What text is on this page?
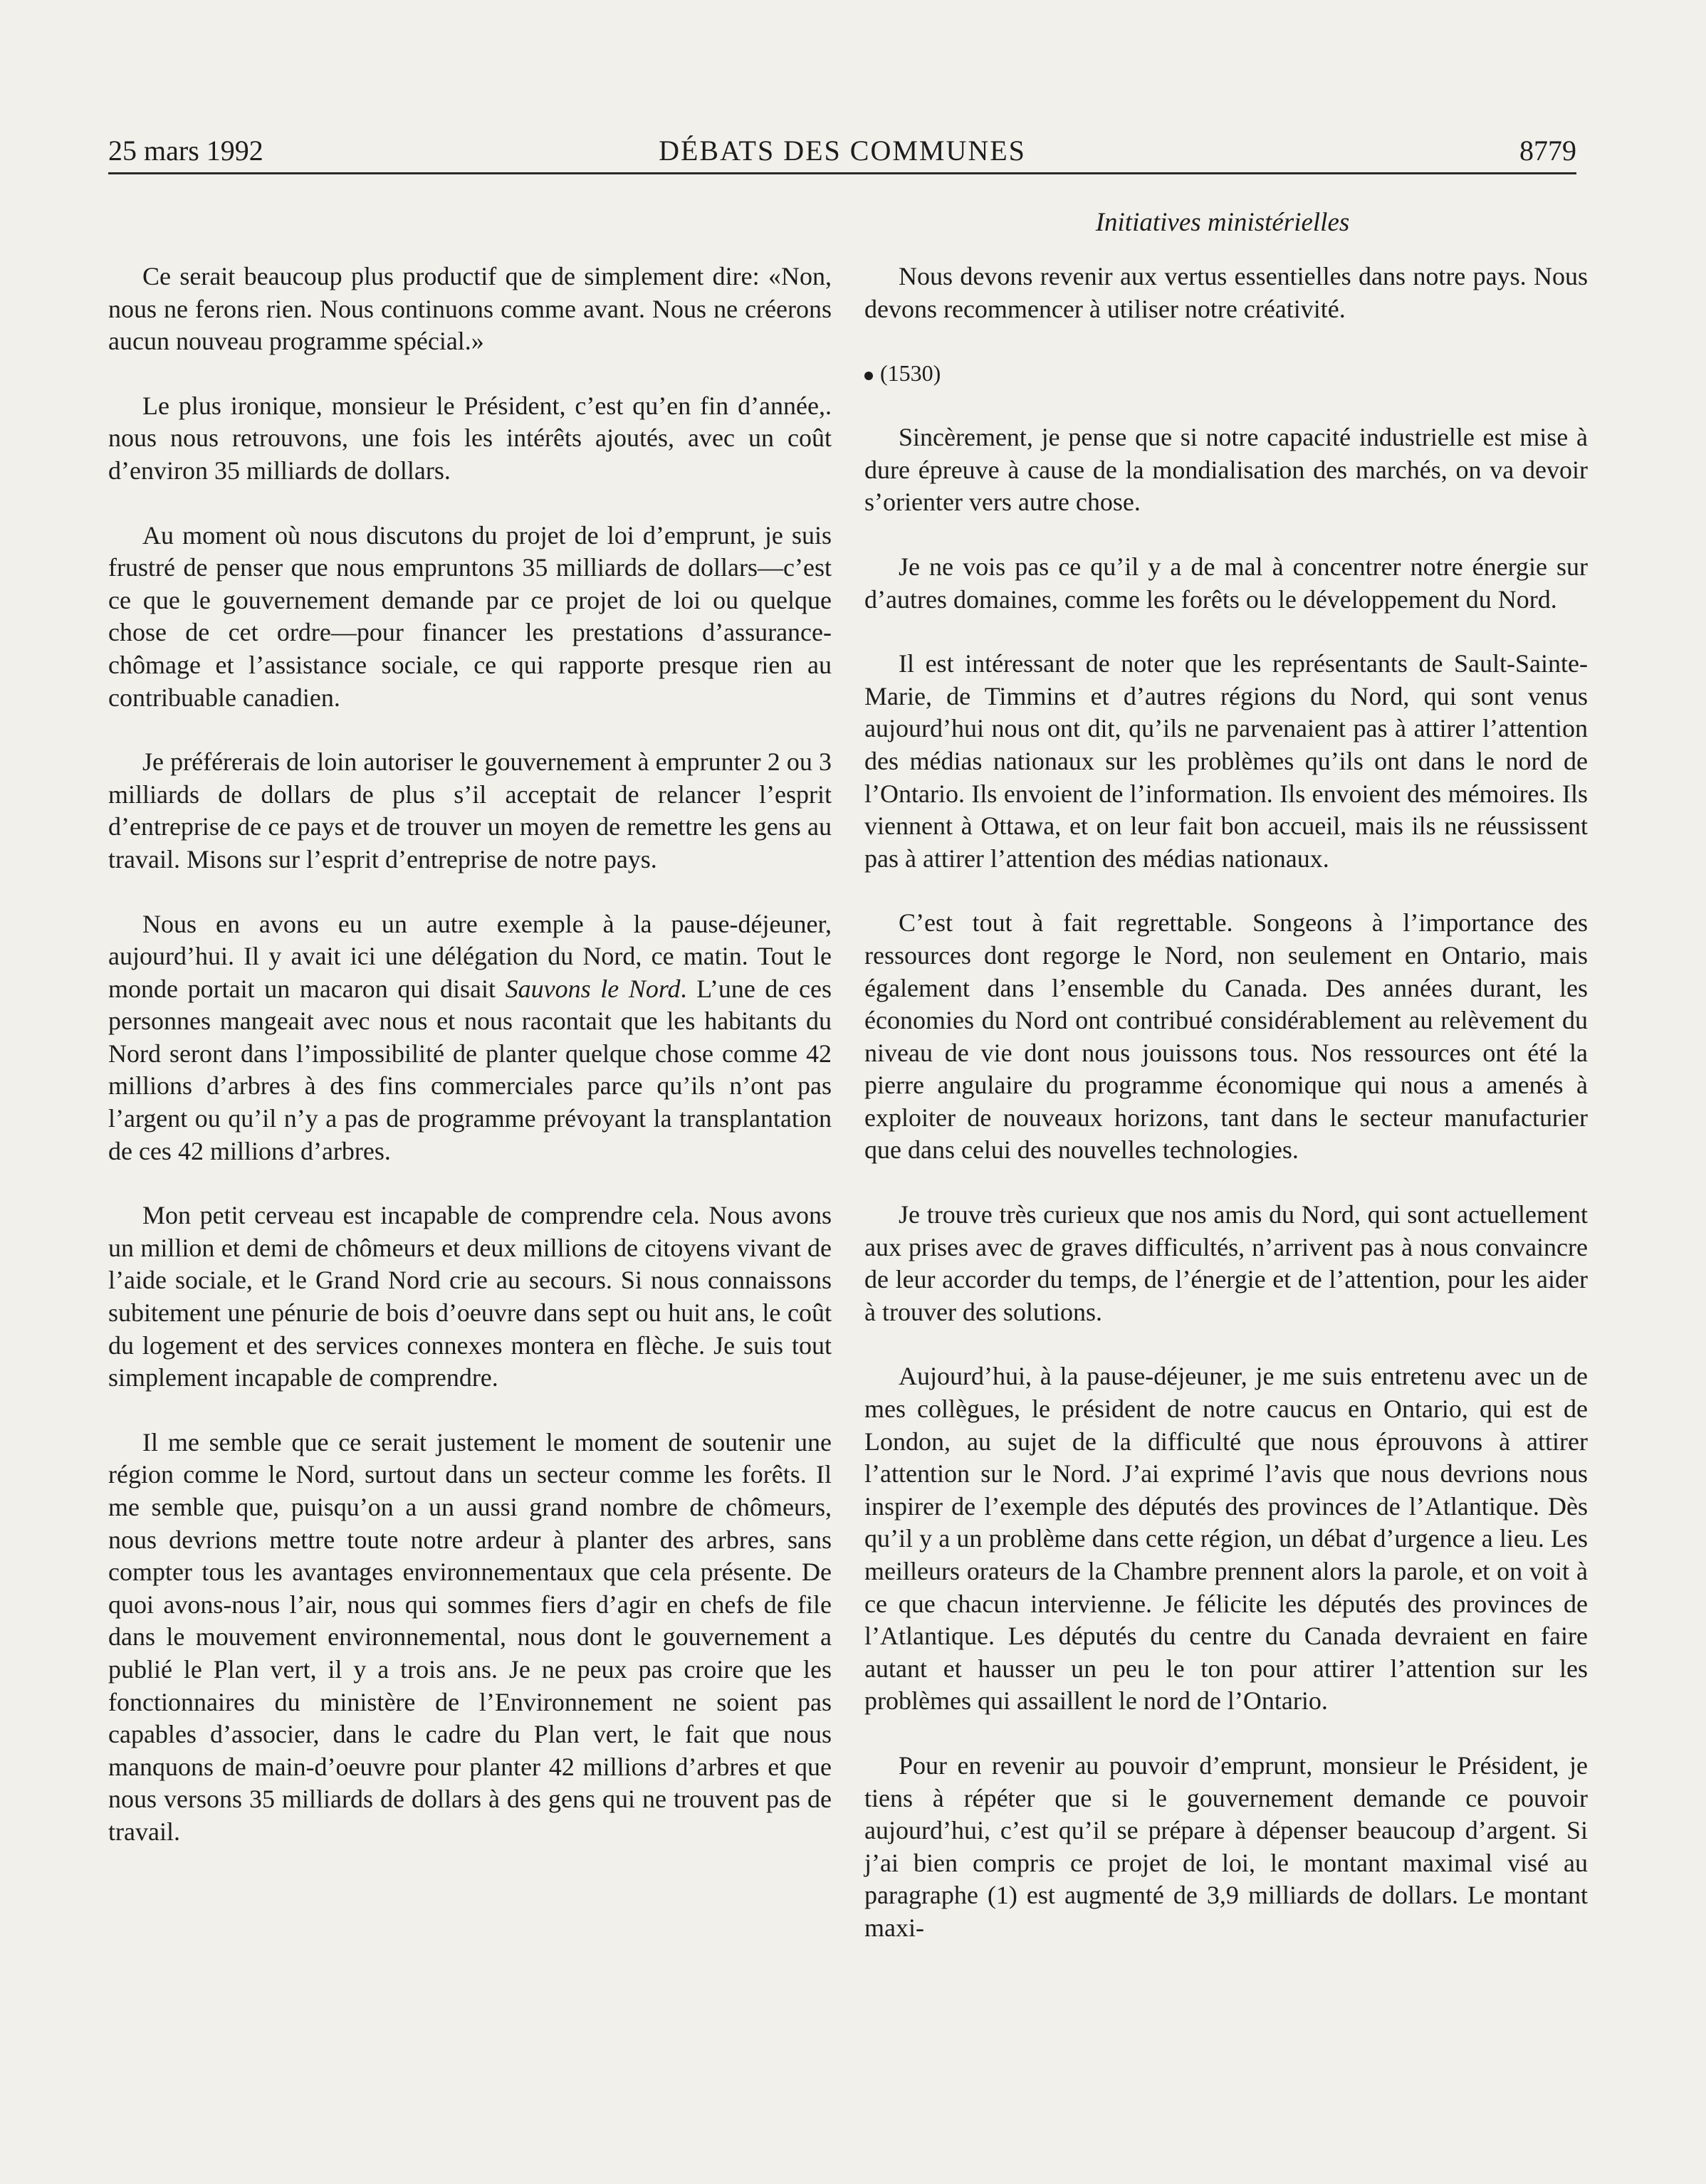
25 mars 1992	DÉBATS DES COMMUNES	8779
Initiatives ministérielles

Ce serait beaucoup plus productif que de simplement dire: «Non, nous ne ferons rien. Nous continuons comme avant. Nous ne créerons aucun nouveau programme spécial.»

Le plus ironique, monsieur le Président, c’est qu’en fin d’année,. nous nous retrouvons, une fois les intérêts ajoutés, avec un coût d’environ 35 milliards de dollars.

Au moment où nous discutons du projet de loi d’emprunt, je suis frustré de penser que nous empruntons 35 milliards de dollars—c’est ce que le gouvernement demande par ce projet de loi ou quelque chose de cet ordre—pour financer les prestations d’assurance-chômage et l’assistance sociale, ce qui rapporte presque rien au contribuable canadien.

Je préférerais de loin autoriser le gouvernement à emprunter 2 ou 3 milliards de dollars de plus s’il acceptait de relancer l’esprit d’entreprise de ce pays et de trouver un moyen de remettre les gens au travail. Misons sur l’esprit d’entreprise de notre pays.

Nous en avons eu un autre exemple à la pause-déjeuner, aujourd’hui. Il y avait ici une délégation du Nord, ce matin. Tout le monde portait un macaron qui disait Sauvons le Nord. L’une de ces personnes mangeait avec nous et nous racontait que les habitants du Nord seront dans l’impossibilité de planter quelque chose comme 42 millions d’arbres à des fins commerciales parce qu’ils n’ont pas l’argent ou qu’il n’y a pas de programme prévoyant la transplantation de ces 42 millions d’arbres.

Mon petit cerveau est incapable de comprendre cela. Nous avons un million et demi de chômeurs et deux millions de citoyens vivant de l’aide sociale, et le Grand Nord crie au secours. Si nous connaissons subitement une pénurie de bois d’oeuvre dans sept ou huit ans, le coût du logement et des services connexes montera en flèche. Je suis tout simplement incapable de comprendre.

Il me semble que ce serait justement le moment de soutenir une région comme le Nord, surtout dans un secteur comme les forêts. Il me semble que, puisqu’on a un aussi grand nombre de chômeurs, nous devrions mettre toute notre ardeur à planter des arbres, sans compter tous les avantages environnementaux que cela présente. De quoi avons-nous l’air, nous qui sommes fiers d’agir en chefs de file dans le mouvement environnemental, nous dont le gouvernement a publié le Plan vert, il y a trois ans. Je ne peux pas croire que les fonctionnaires du ministère de l’Environnement ne soient pas capables d’associer, dans le cadre du Plan vert, le fait que nous manquons de main-d’oeuvre pour planter 42 millions d’arbres et que nous versons 35 milliards de dollars à des gens qui ne trouvent pas de travail.

Nous devons revenir aux vertus essentielles dans notre pays. Nous devons recommencer à utiliser notre créativité.

(1530)

Sincèrement, je pense que si notre capacité industrielle est mise à dure épreuve à cause de la mondialisation des marchés, on va devoir s’orienter vers autre chose.

Je ne vois pas ce qu’il y a de mal à concentrer notre énergie sur d’autres domaines, comme les forêts ou le développement du Nord.

Il est intéressant de noter que les représentants de Sault-Sainte-Marie, de Timmins et d’autres régions du Nord, qui sont venus aujourd’hui nous ont dit, qu’ils ne parvenaient pas à attirer l’attention des médias nationaux sur les problèmes qu’ils ont dans le nord de l’Ontario. Ils envoient de l’information. Ils envoient des mémoires. Ils viennent à Ottawa, et on leur fait bon accueil, mais ils ne réussissent pas à attirer l’attention des médias nationaux.

C’est tout à fait regrettable. Songeons à l’importance des ressources dont regorge le Nord, non seulement en Ontario, mais également dans l’ensemble du Canada. Des années durant, les économies du Nord ont contribué considérablement au relèvement du niveau de vie dont nous jouissons tous. Nos ressources ont été la pierre angulaire du programme économique qui nous a amenés à exploiter de nouveaux horizons, tant dans le secteur manufacturier que dans celui des nouvelles technologies.

Je trouve très curieux que nos amis du Nord, qui sont actuellement aux prises avec de graves difficultés, n’arrivent pas à nous convaincre de leur accorder du temps, de l’énergie et de l’attention, pour les aider à trouver des solutions.

Aujourd’hui, à la pause-déjeuner, je me suis entretenu avec un de mes collègues, le président de notre caucus en Ontario, qui est de London, au sujet de la difficulté que nous éprouvons à attirer l’attention sur le Nord. J’ai exprimé l’avis que nous devrions nous inspirer de l’exemple des députés des provinces de l’Atlantique. Dès qu’il y a un problème dans cette région, un débat d’urgence a lieu. Les meilleurs orateurs de la Chambre prennent alors la parole, et on voit à ce que chacun intervienne. Je félicite les députés des provinces de l’Atlantique. Les députés du centre du Canada devraient en faire autant et hausser un peu le ton pour attirer l’attention sur les problèmes qui assaillent le nord de l’Ontario.

Pour en revenir au pouvoir d’emprunt, monsieur le Président, je tiens à répéter que si le gouvernement demande ce pouvoir aujourd’hui, c’est qu’il se prépare à dépenser beaucoup d’argent. Si j’ai bien compris ce projet de loi, le montant maximal visé au paragraphe (1) est augmenté de 3,9 milliards de dollars. Le montant maxi-
